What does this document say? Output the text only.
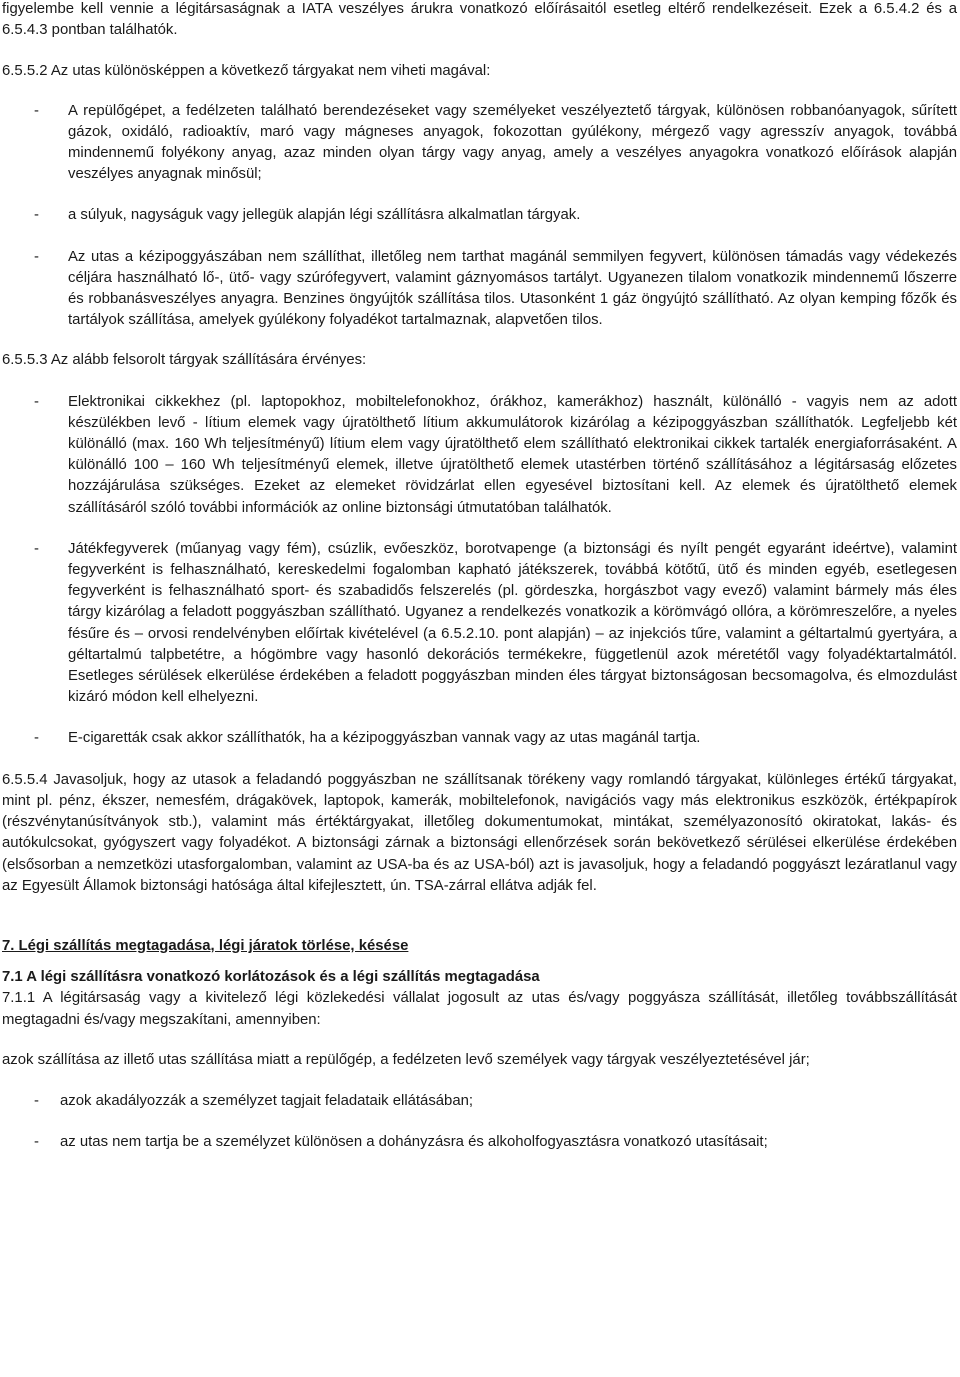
figyelembe kell vennie a légitársaságnak a IATA veszélyes árukra vonatkozó előírásaitól esetleg eltérő rendelkezéseit. Ezek a 6.5.4.2 és a 6.5.4.3 pontban találhatók.

6.5.5.2 Az utas különösképpen a következő tárgyakat nem viheti magával:

-	A repülőgépet, a fedélzeten található berendezéseket vagy személyeket veszélyeztető tárgyak, különösen robbanóanyagok, sűrített gázok, oxidáló, radioaktív, maró vagy mágneses anyagok, fokozottan gyúlékony, mérgező vagy agresszív anyagok, továbbá mindennemű folyékony anyag, azaz minden olyan tárgy vagy anyag, amely a veszélyes anyagokra vonatkozó előírások alapján veszélyes anyagnak minősül;
-	a súlyuk, nagyságuk vagy jellegük alapján légi szállításra alkalmatlan tárgyak.
-	Az utas a kézipoggyászában nem szállíthat, illetőleg nem tarthat magánál semmilyen fegyvert, különösen támadás vagy védekezés céljára használható lő-, ütő- vagy szúrófegyvert, valamint gáznyomásos tartályt. Ugyanezen tilalom vonatkozik mindennemű lőszerre és robbanásveszélyes anyagra. Benzines öngyújtók szállítása tilos. Utasonként 1 gáz öngyújtó szállítható. Az olyan kemping főzők és tartályok szállítása, amelyek gyúlékony folyadékot tartalmaznak, alapvetően tilos.

6.5.5.3 Az alább felsorolt tárgyak szállítására érvényes:

-	Elektronikai cikkekhez (pl. laptopokhoz, mobiltelefonokhoz, órákhoz, kamerákhoz) használt, különálló - vagyis nem az adott készülékben levő - lítium elemek vagy újratölthető lítium akkumulátorok kizárólag a kézipoggyászban szállíthatók. Legfeljebb két különálló (max. 160 Wh teljesítményű) lítium elem vagy újratölthető elem szállítható elektronikai cikkek tartalék energiaforrásaként. A különálló 100 – 160 Wh teljesítményű elemek, illetve újratölthető elemek utastérben történő szállításához a légitársaság előzetes hozzájárulása szükséges. Ezeket az elemeket rövidzárlat ellen egyesével biztosítani kell. Az elemek és újratölthető elemek szállításáról szóló további információk az online biztonsági útmutatóban találhatók.
-	Játékfegyverek (műanyag vagy fém), csúzlik, evőeszköz, borotvapenge (a biztonsági és nyílt pengét egyaránt ideértve), valamint fegyverként is felhasználható, kereskedelmi fogalomban kapható játékszerek, továbbá kötőtű, ütő és minden egyéb, esetlegesen fegyverként is felhasználható sport- és szabadidős felszerelés (pl. gördeszka, horgászbot vagy evező) valamint bármely más éles tárgy kizárólag a feladott poggyászban szállítható. Ugyanez a rendelkezés vonatkozik a körömvágó ollóra, a körömreszelőre, a nyeles fésűre és – orvosi rendelvényben előírtak kivételével (a 6.5.2.10. pont alapján) – az injekciós tűre, valamint a géltartalmú gyertyára, a géltartalmú talpbetétre, a hógömbre vagy hasonló dekorációs termékekre, függetlenül azok méretétől vagy folyadéktartalmától. Esetleges sérülések elkerülése érdekében a feladott poggyászban minden éles tárgyat biztonságosan becsomagolva, és elmozdulást kizáró módon kell elhelyezni.
-	E-cigaretták csak akkor szállíthatók, ha a kézipoggyászban vannak vagy az utas magánál tartja.

6.5.5.4 Javasoljuk, hogy az utasok a feladandó poggyászban ne szállítsanak törékeny vagy romlandó tárgyakat, különleges értékű tárgyakat, mint pl. pénz, ékszer, nemesfém, drágakövek, laptopok, kamerák, mobiltelefonok, navigációs vagy más elektronikus eszközök, értékpapírok (részvénytanúsítványok stb.), valamint más értéktárgyakat, illetőleg dokumentumokat, mintákat, személyazonosító okiratokat, lakás- és autókulcsokat, gyógyszert vagy folyadékot. A biztonsági zárnak a biztonsági ellenőrzések során bekövetkező sérülései elkerülése érdekében (elsősorban a nemzetközi utasforgalomban, valamint az USA-ba és az USA-ból) azt is javasoljuk, hogy a feladandó poggyászt lezáratlanul vagy az Egyesült Államok biztonsági hatósága által kifejlesztett, ún. TSA-zárral ellátva adják fel.

7. Légi szállítás megtagadása, légi járatok törlése, késése

7.1 A légi szállításra vonatkozó korlátozások és a légi szállítás megtagadása

7.1.1 A légitársaság vagy a kivitelező légi közlekedési vállalat jogosult az utas és/vagy poggyásza szállítását, illetőleg továbbszállítását megtagadni és/vagy megszakítani, amennyiben:

azok szállítása az illető utas szállítása miatt a repülőgép, a fedélzeten levő személyek vagy tárgyak veszélyeztetésével jár;

-	azok akadályozzák a személyzet tagjait feladataik ellátásában;
-	az utas nem tartja be a személyzet különösen a dohányzásra és alkoholfogyasztásra vonatkozó utasításait;
